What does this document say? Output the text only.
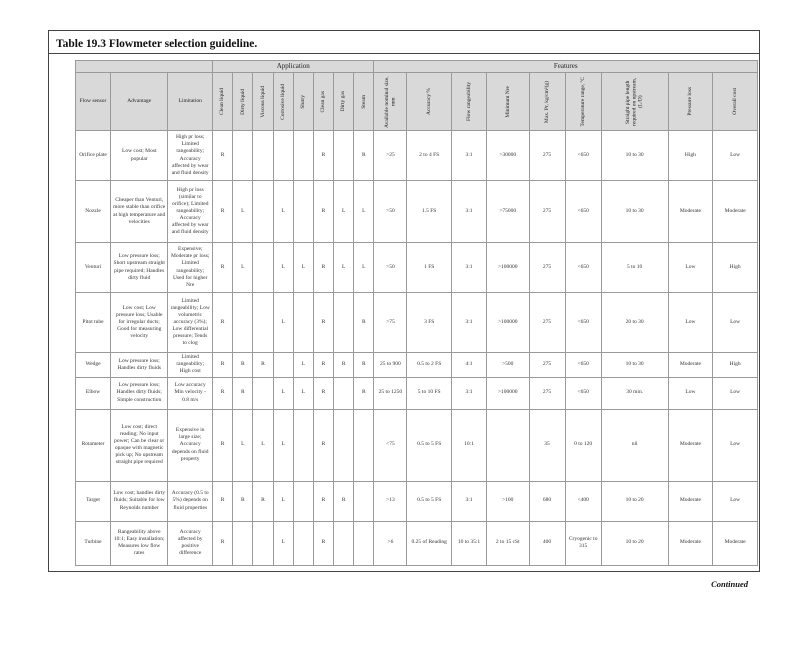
Table 19.3 Flowmeter selection guideline.
			Application								Features								
Flow sensor	Advantage	Limitation	Clean liquid	Dirty liquid	Viscous liquid	Corrosive liquid	Slurry	Clean gas	Dirty gas	Steam	Available nominal size, mm	Accuracy %	Flow rangeability	Minimum Nre	Max. Pr, kg/cm²(g)	Temperature range, ºC	Straight pipe length required on upstream, (L/D)	Pressure loss	Overall cost

Orifice plate	Low cost; Most popular	High pr loss; Limited rangeability; Accuracy affected by wear and fluid density	R					R		R	>25	2 to 4 FS	3:1	>30000	275	<650	10 to 30	High	Low
Nozzle	Cheaper than Venturi, more stable than orifice at high temperature and velocities	High pr loss (similar to orifice); Limited rangeability; Accuracy affected by wear and fluid density	R	L		L		R	L	L	>50	1.5 FS	3:1	>75000	275	<650	10 to 30	Moderate	Moderate
Venturi	Low pressure loss; Short upstream straight pipe required; Handles dirty fluid	Expensive; Moderate pr loss; Limited rangeability; Used for higher Nre	R	L		L	L	R	L	L	>50	1 FS	3:1	>100000	275	<650	5 to 10	Low	High
Pitot tube	Low cost; Low pressure loss; Usable for irregular ducts; Good for measuring velocity	Limited rangeability; Low volumetric accuracy (3%); Low differential pressure; Tends to clog	R			L		R		R	>75	3 FS	3:1	>100000	275	<650	20 to 30	Low	Low
Wedge	Low pressure loss; Handles dirty fluids	Limited rangeability; High cost	R	R	R		L	R	R	R	25 to 900	0.5 to 2 FS	4:1	>500	275	<650	10 to 30	Moderate	High
Elbow	Low pressure loss; Handles dirty fluids; Simple construction	Low accuracy Min velocity - 0.8 m/s	R	R		L	L	R		R	25 to 1250	5 to 10 FS	3:1	>100000	275	<650	30 min.	Low	Low
Rotameter	Low cost; direct reading; No input power; Can be clear or opaque with magnetic pick up; No upstream straight pipe required	Expensive in large size; Accuracy depends on fluid property	R	L	L	L		R			<75	0.5 to 5 FS	10:1		35	0 to 120	nil	Moderate	Low
Target	Low cost; handles dirty fluids; Suitable for low Reynolds number	Accuracy (0.5 to 5%) depends on fluid properties	R	R	R	L		R	R		>13	0.5 to 5 FS	3:1	>100	680	<400	10 to 20	Moderate	Low
Turbine	Rangeability above 10:1; Easy installation; Measures low flow rates	Accuracy affected by positive difference	R			L		R			>6	0.25 of Reading	10 to 35:1	2 to 15 cSt	400	Cryogenic to 315	10 to 20	Moderate	Moderate
Continued
